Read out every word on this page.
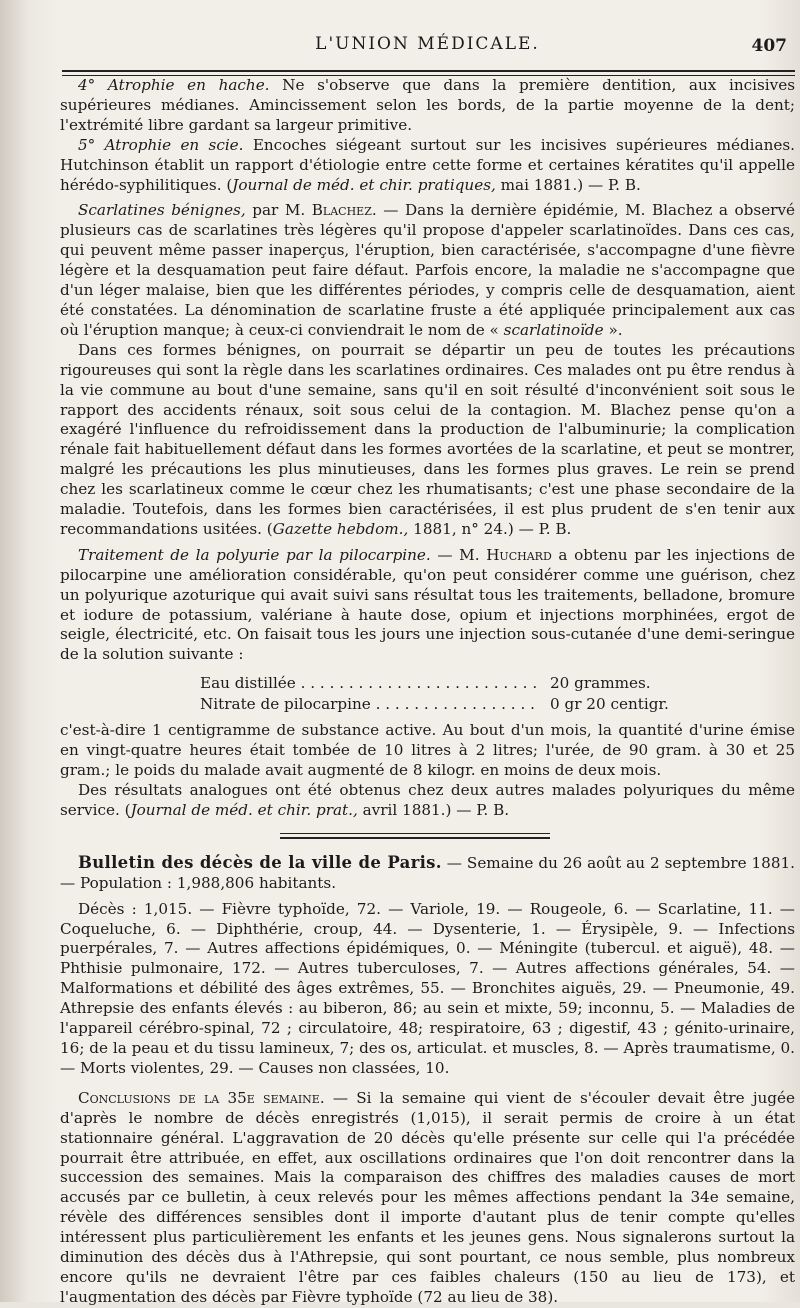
L'UNION MÉDICALE.	407

4° Atrophie en hache. Ne s'observe que dans la première dentition, aux incisives supérieures médianes. Amincissement selon les bords, de la partie moyenne de la dent; l'extrémité libre gardant sa largeur primitive.

5° Atrophie en scie. Encoches siégeant surtout sur les incisives supérieures médianes. Hutchinson établit un rapport d'étiologie entre cette forme et certaines kératites qu'il appelle hérédo-syphilitiques. (Journal de méd. et chir. pratiques, mai 1881.) — P. B.

Scarlatines bénignes, par M. Blachez. — Dans la dernière épidémie, M. Blachez a observé plusieurs cas de scarlatines très légères qu'il propose d'appeler scarlatinoïdes. Dans ces cas, qui peuvent même passer inaperçus, l'éruption, bien caractérisée, s'accompagne d'une fièvre légère et la desquamation peut faire défaut. Parfois encore, la maladie ne s'accompagne que d'un léger malaise, bien que les différentes périodes, y compris celle de desquamation, aient été constatées. La dénomination de scarlatine fruste a été appliquée principalement aux cas où l'éruption manque; à ceux-ci conviendrait le nom de « scarlatinoïde ».

Dans ces formes bénignes, on pourrait se départir un peu de toutes les précautions rigoureuses qui sont la règle dans les scarlatines ordinaires. Ces malades ont pu être rendus à la vie commune au bout d'une semaine, sans qu'il en soit résulté d'inconvénient soit sous le rapport des accidents rénaux, soit sous celui de la contagion. M. Blachez pense qu'on a exagéré l'influence du refroidissement dans la production de l'albuminurie; la complication rénale fait habituellement défaut dans les formes avortées de la scarlatine, et peut se montrer, malgré les précautions les plus minutieuses, dans les formes plus graves. Le rein se prend chez les scarlatineux comme le cœur chez les rhumatisants; c'est une phase secondaire de la maladie. Toutefois, dans les formes bien caractérisées, il est plus prudent de s'en tenir aux recommandations usitées. (Gazette hebdom., 1881, n° 24.) — P. B.

Traitement de la polyurie par la pilocarpine. — M. Huchard a obtenu par les injections de pilocarpine une amélioration considérable, qu'on peut considérer comme une guérison, chez un polyurique azoturique qui avait suivi sans résultat tous les traitements, belladone, bromure et iodure de potassium, valériane à haute dose, opium et injections morphinées, ergot de seigle, électricité, etc. On faisait tous les jours une injection sous-cutanée d'une demi-seringue de la solution suivante :

Eau distillée . . .	20 grammes.
Nitrate de pilocarpine . . .	0 gr 20 centigr.

c'est-à-dire 1 centigramme de substance active. Au bout d'un mois, la quantité d'urine émise en vingt-quatre heures était tombée de 10 litres à 2 litres; l'urée, de 90 gram. à 30 et 25 gram.; le poids du malade avait augmenté de 8 kilogr. en moins de deux mois.

Des résultats analogues ont été obtenus chez deux autres malades polyuriques du même service. (Journal de méd. et chir. prat., avril 1881.) — P. B.

Bulletin des décès de la ville de Paris. — Semaine du 26 août au 2 septembre 1881. — Population : 1,988,806 habitants.

Décès : 1,015. — Fièvre typhoïde, 72. — Variole, 19. — Rougeole, 6. — Scarlatine, 11. — Coqueluche, 6. — Diphthérie, croup, 44. — Dysenterie, 1. — Érysipèle, 9. — Infections puerpérales, 7. — Autres affections épidémiques, 0. — Méningite (tubercul. et aiguë), 48. — Phthisie pulmonaire, 172. — Autres tuberculoses, 7. — Autres affections générales, 54. — Malformations et débilité des âges extrêmes, 55. — Bronchites aiguës, 29. — Pneumonie, 49. Athrepsie des enfants élevés : au biberon, 86; au sein et mixte, 59; inconnu, 5. — Maladies de l'appareil cérébro-spinal, 72 ; circulatoire, 48; respiratoire, 63 ; digestif, 43 ; génito-urinaire, 16; de la peau et du tissu lamineux, 7; des os, articulat. et muscles, 8. — Après traumatisme, 0. — Morts violentes, 29. — Causes non classées, 10.

Conclusions de la 35e semaine. — Si la semaine qui vient de s'écouler devait être jugée d'après le nombre de décès enregistrés (1,015), il serait permis de croire à un état stationnaire général. L'aggravation de 20 décès qu'elle présente sur celle qui l'a précédée pourrait être attribuée, en effet, aux oscillations ordinaires que l'on doit rencontrer dans la succession des semaines. Mais la comparaison des chiffres des maladies causes de mort accusés par ce bulletin, à ceux relevés pour les mêmes affections pendant la 34e semaine, révèle des différences sensibles dont il importe d'autant plus de tenir compte qu'elles intéressent plus particulièrement les enfants et les jeunes gens. Nous signalerons surtout la diminution des décès dus à l'Athrepsie, qui sont pourtant, ce nous semble, plus nombreux encore qu'ils ne devraient l'être par ces faibles chaleurs (150 au lieu de 173), et l'augmentation des décès par Fièvre typhoïde (72 au lieu de 38).
